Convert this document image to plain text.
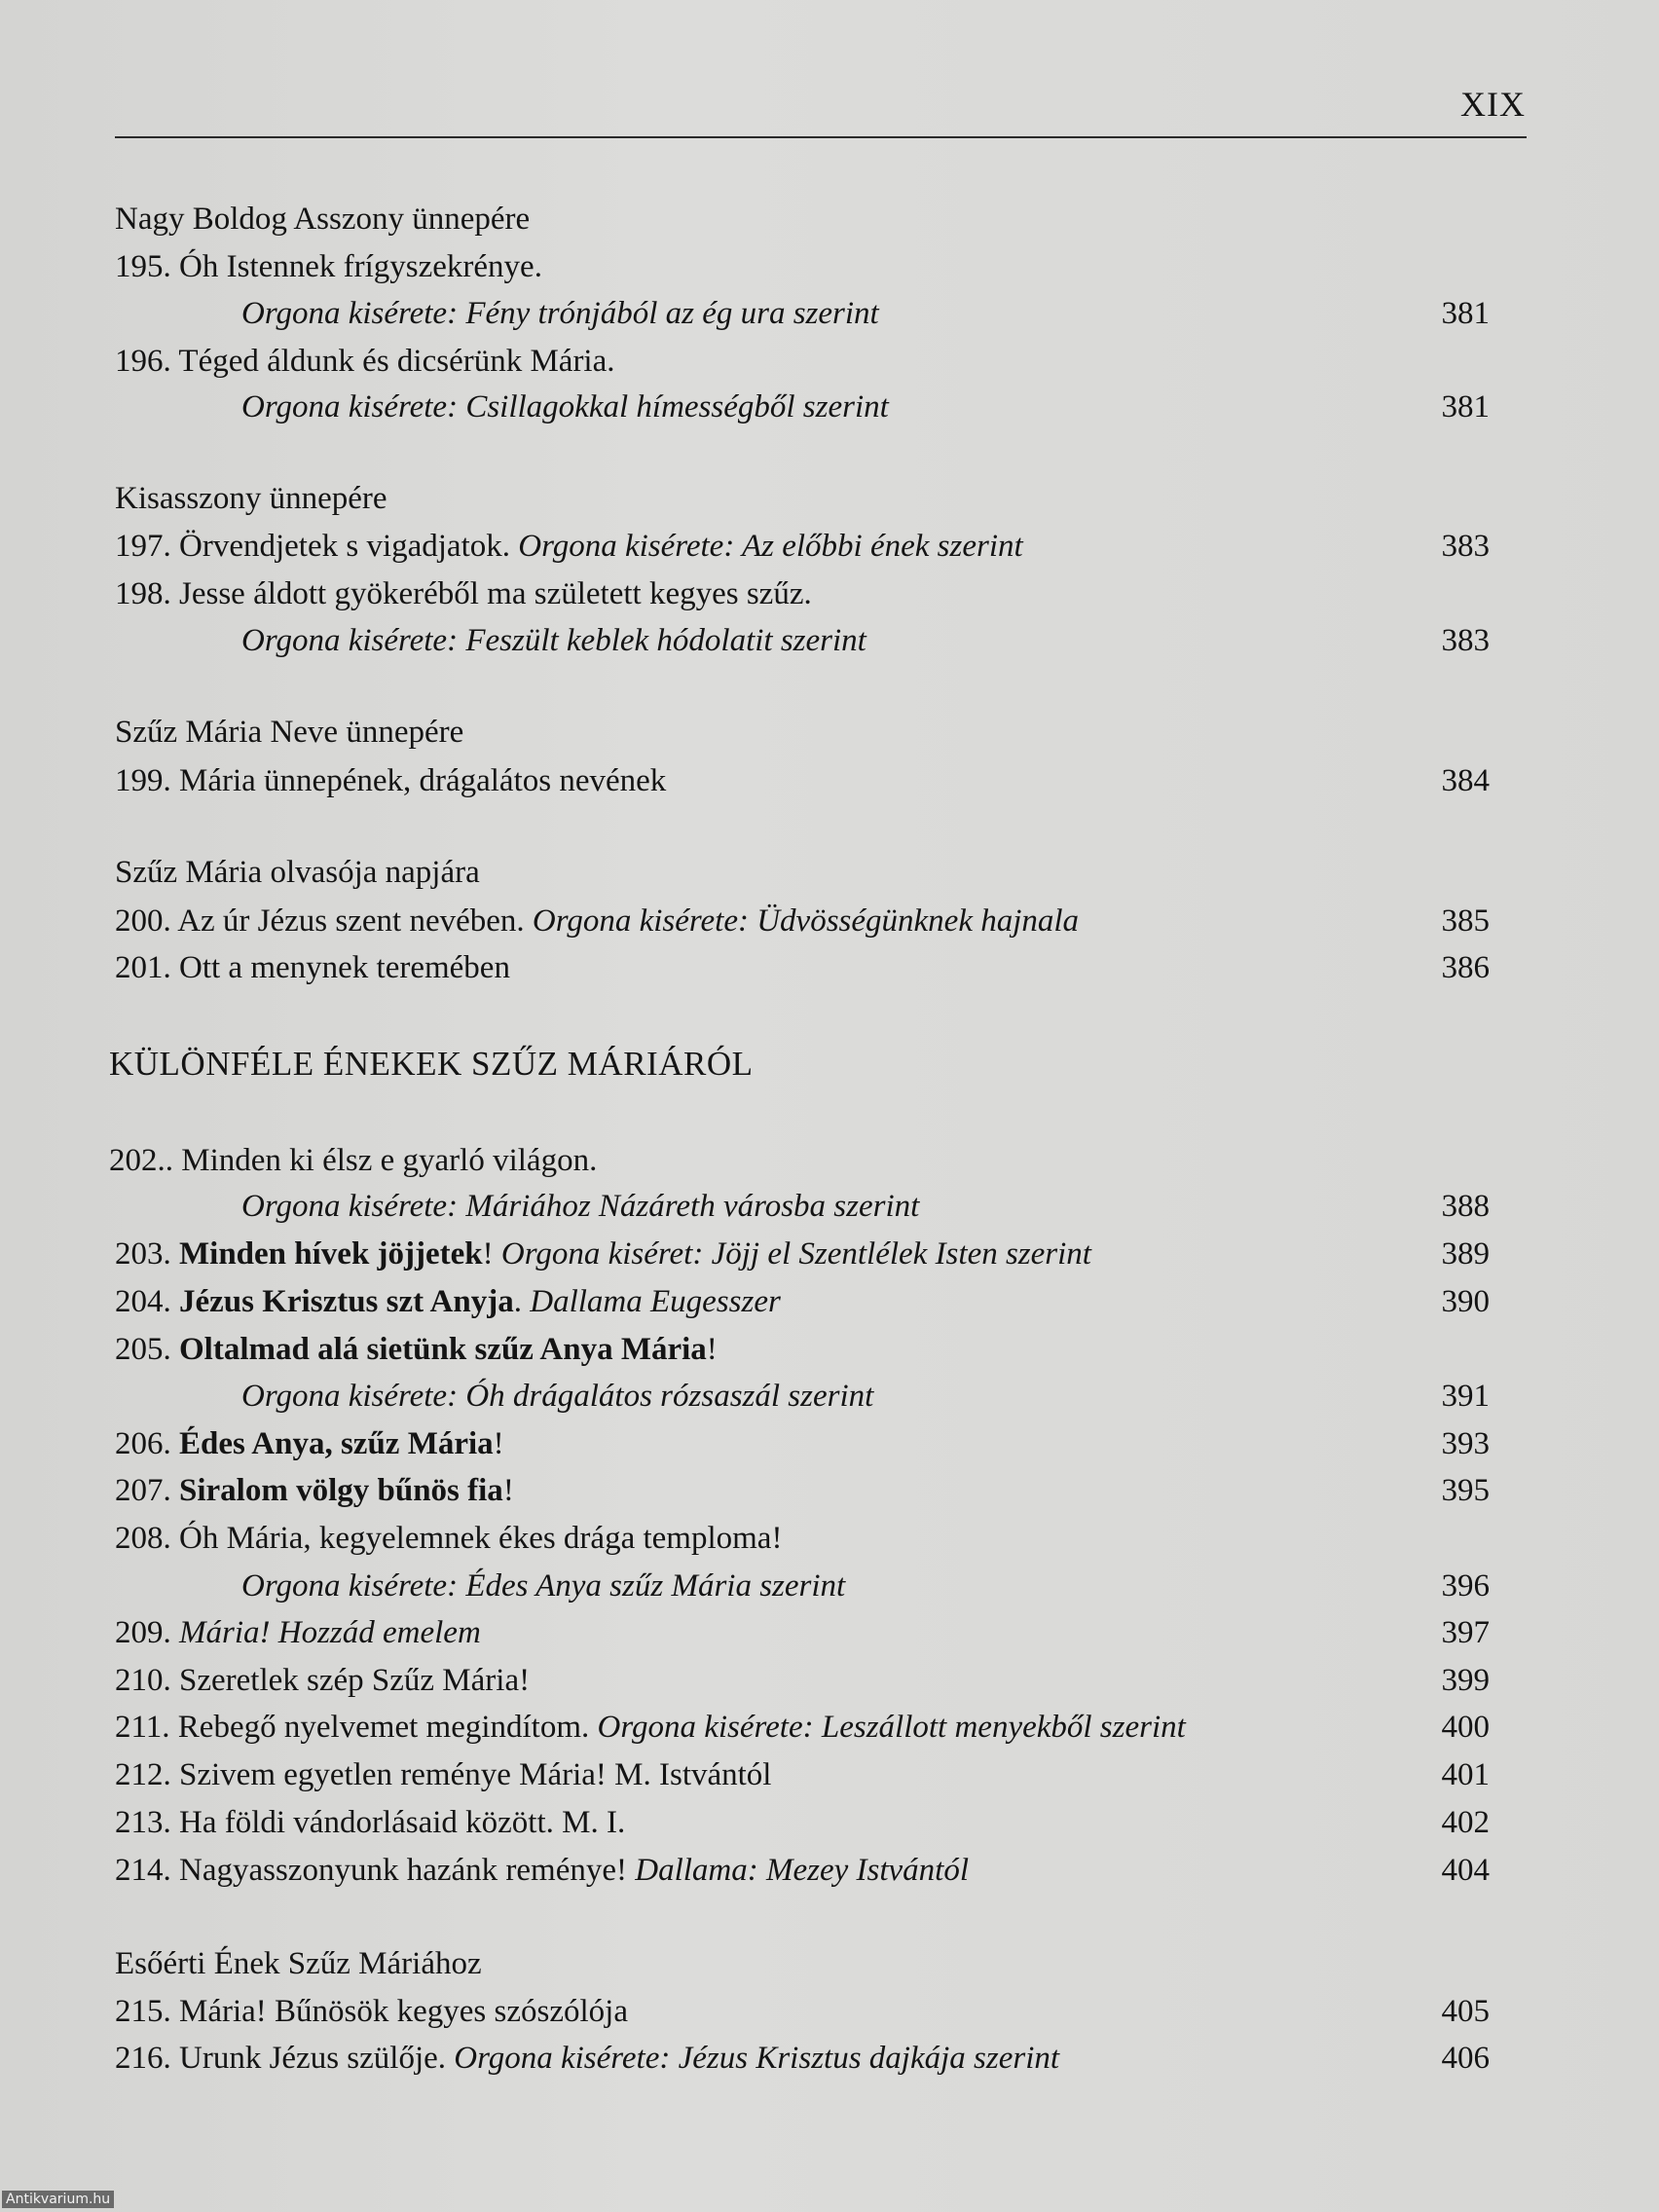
XIX
Nagy Boldog Asszony ünnepére
195. Óh Istennek frígyszekrénye.
Orgona kisérete: Fény trónjából az ég ura szerint	381
196. Téged áldunk és dicsérünk Mária.
Orgona kisérete: Csillagokkal hímességből szerint	381
Kisasszony ünnepére
197. Örvendjetek s vigadjatok. Orgona kisérete: Az előbbi ének szerint	383
198. Jesse áldott gyökeréből ma született kegyes szűz.
Orgona kisérete: Feszült keblek hódolatit szerint	383
Szűz Mária Neve ünnepére
199. Mária ünnepének, drágalátos nevének	384
Szűz Mária olvasója napjára
200. Az úr Jézus szent nevében. Orgona kisérete: Üdvösségünknek hajnala	385
201. Ott a menynek teremében	386
KÜLÖNFÉLE ÉNEKEK SZŰZ MÁRIÁRÓL
202.. Minden ki élsz e gyarló világon.
Orgona kisérete: Máriához Názáreth városba szerint	388
203. Minden hívek jöjjetek! Orgona kiséret: Jöjj el Szentlélek Isten szerint	389
204. Jézus Krisztus szt Anyja. Dallama Eugesszer	390
205. Oltalmad alá sietünk szűz Anya Mária!
Orgona kisérete: Óh drágalátos rózsaszál szerint	391
206. Édes Anya, szűz Mária!	393
207. Siralom völgy bűnös fia!	395
208. Óh Mária, kegyelemnek ékes drága temploma!
Orgona kisérete: Édes Anya szűz Mária szerint	396
209. Mária! Hozzád emelem	397
210. Szeretlek szép Szűz Mária!	399
211. Rebegő nyelvemet megindítom. Orgona kisérete: Leszállott menyekből szerint	400
212. Szivem egyetlen reménye Mária! M. Istvántól	401
213. Ha földi vándorlásaid között. M. I.	402
214. Nagyasszonyunk hazánk reménye! Dallama: Mezey Istvántól	404
Esőérti Ének Szűz Máriához
215. Mária! Bűnösök kegyes szószólója	405
216. Urunk Jézus szülője. Orgona kisérete: Jézus Krisztus dajkája szerint	406
Antikvarium.hu
